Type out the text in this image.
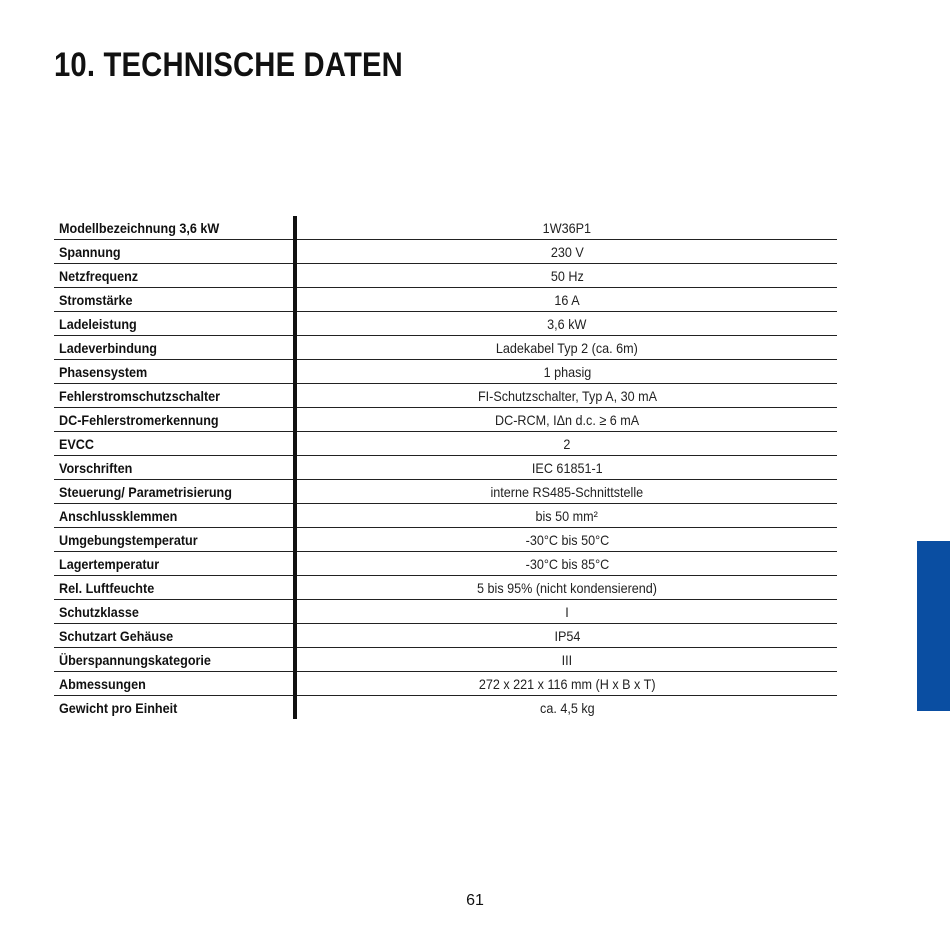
10. TECHNISCHE DATEN
Modellbezeichnung 3,6 kW	1W36P1
Spannung	230 V
Netzfrequenz	50 Hz
Stromstärke	16 A
Ladeleistung	3,6 kW
Ladeverbindung	Ladekabel Typ 2 (ca. 6m)
Phasensystem	1 phasig
Fehlerstromschutzschalter	FI-Schutzschalter, Typ A, 30 mA
DC-Fehlerstromerkennung	DC-RCM, IΔn d.c. ≥ 6 mA
EVCC	2
Vorschriften	IEC 61851-1
Steuerung/ Parametrisierung	interne RS485-Schnittstelle
Anschlussklemmen	bis 50 mm²
Umgebungstemperatur	-30°C bis 50°C
Lagertemperatur	-30°C bis 85°C
Rel. Luftfeuchte	5 bis 95% (nicht kondensierend)
Schutzklasse	I
Schutzart Gehäuse	IP54
Überspannungskategorie	III
Abmessungen	272 x 221 x 116 mm (H x B x T)
Gewicht pro Einheit	ca. 4,5 kg
61
